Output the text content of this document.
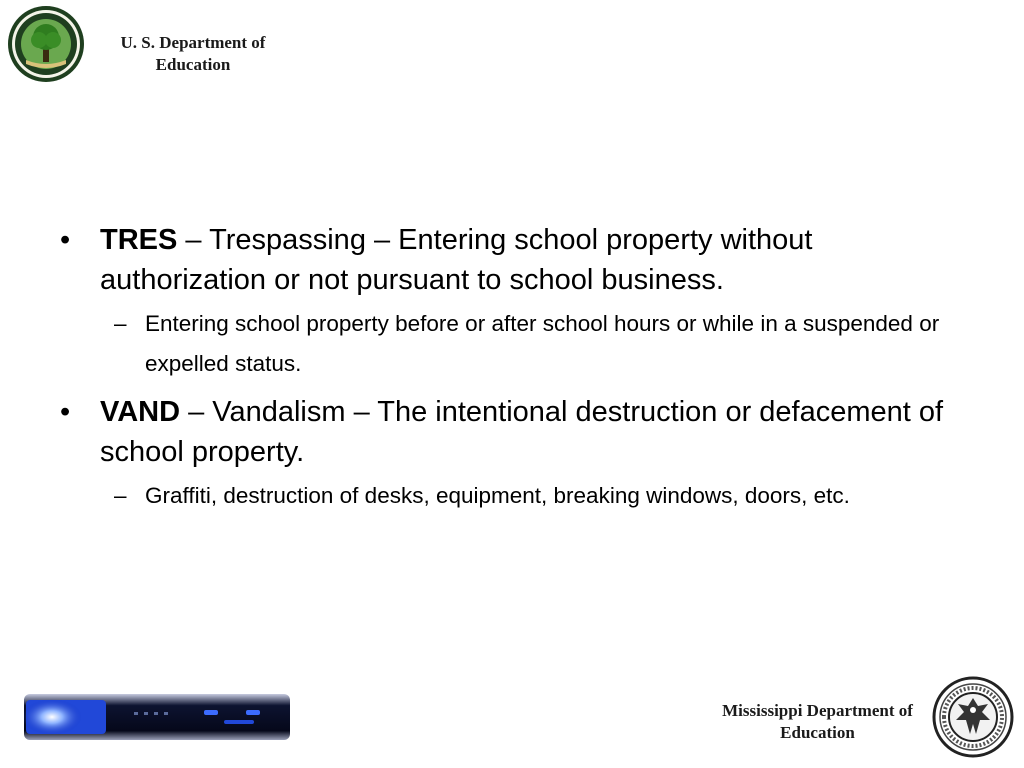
U. S. Department of
Education

• TRES – Trespassing – Entering school property without authorization or not pursuant to school business.

– Entering school property before or after school hours or while in a suspended or expelled status.

• VAND – Vandalism – The intentional destruction or defacement of school property.

– Graffiti, destruction of desks, equipment, breaking windows, doors, etc.

Mississippi Department of
Education
